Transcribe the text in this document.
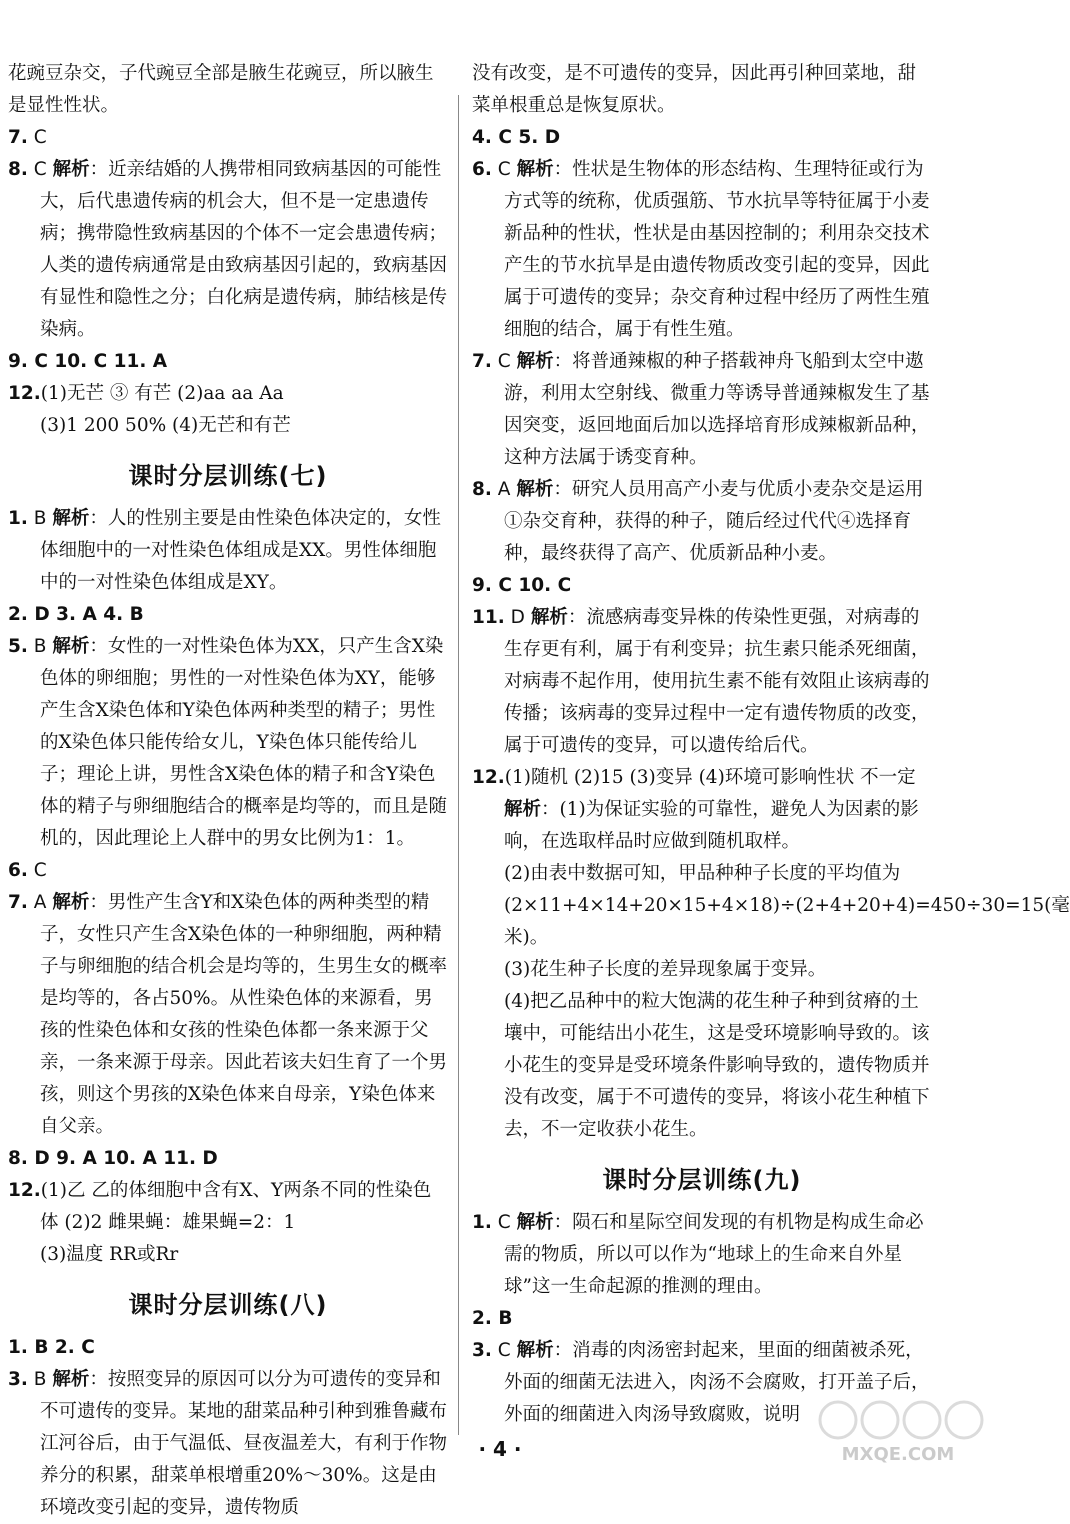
花豌豆杂交，子代豌豆全部是腋生花豌豆，所以腋生是显性性状。

7. C

8. C 解析：近亲结婚的人携带相同致病基因的可能性大，后代患遗传病的机会大，但不是一定患遗传病；携带隐性致病基因的个体不一定会患遗传病；人类的遗传病通常是由致病基因引起的，致病基因有显性和隐性之分；白化病是遗传病，肺结核是传染病。

9. C 10. C 11. A

12.(1)无芒 ③ 有芒 (2)aa aa Aa

(3)1 200 50% (4)无芒和有芒

课时分层训练(七)

1. B 解析：人的性别主要是由性染色体决定的，女性体细胞中的一对性染色体组成是XX。男性体细胞中的一对性染色体组成是XY。

2. D 3. A 4. B

5. B 解析：女性的一对性染色体为XX，只产生含X染色体的卵细胞；男性的一对性染色体为XY，能够产生含X染色体和Y染色体两种类型的精子；男性的X染色体只能传给女儿，Y染色体只能传给儿子；理论上讲，男性含X染色体的精子和含Y染色体的精子与卵细胞结合的概率是均等的，而且是随机的，因此理论上人群中的男女比例为1：1。

6. C

7. A 解析：男性产生含Y和X染色体的两种类型的精子，女性只产生含X染色体的一种卵细胞，两种精子与卵细胞的结合机会是均等的，生男生女的概率是均等的，各占50%。从性染色体的来源看，男孩的性染色体和女孩的性染色体都一条来源于父亲，一条来源于母亲。因此若该夫妇生育了一个男孩，则这个男孩的X染色体来自母亲，Y染色体来自父亲。

8. D 9. A 10. A 11. D

12.(1)乙 乙的体细胞中含有X、Y两条不同的性染色体 (2)2 雌果蝇：雄果蝇=2：1

(3)温度 RR或Rr

课时分层训练(八)

1. B 2. C

3. B 解析：按照变异的原因可以分为可遗传的变异和不可遗传的变异。某地的甜菜品种引种到雅鲁藏布江河谷后，由于气温低、昼夜温差大，有利于作物养分的积累，甜菜单根增重20%～30%。这是由环境改变引起的变异，遗传物质

没有改变，是不可遗传的变异，因此再引种回菜地，甜菜单根重总是恢复原状。

4. C 5. D

6. C 解析：性状是生物体的形态结构、生理特征或行为方式等的统称，优质强筋、节水抗旱等特征属于小麦新品种的性状，性状是由基因控制的；利用杂交技术产生的节水抗旱是由遗传物质改变引起的变异，因此属于可遗传的变异；杂交育种过程中经历了两性生殖细胞的结合，属于有性生殖。

7. C 解析：将普通辣椒的种子搭载神舟飞船到太空中遨游，利用太空射线、微重力等诱导普通辣椒发生了基因突变，返回地面后加以选择培育形成辣椒新品种，这种方法属于诱变育种。

8. A 解析：研究人员用高产小麦与优质小麦杂交是运用①杂交育种，获得的种子，随后经过代代④选择育种，最终获得了高产、优质新品种小麦。

9. C 10. C

11. D 解析：流感病毒变异株的传染性更强，对病毒的生存更有利，属于有利变异；抗生素只能杀死细菌，对病毒不起作用，使用抗生素不能有效阻止该病毒的传播；该病毒的变异过程中一定有遗传物质的改变，属于可遗传的变异，可以遗传给后代。

12.(1)随机 (2)15 (3)变异 (4)环境可影响性状 不一定

解析：(1)为保证实验的可靠性，避免人为因素的影响，在选取样品时应做到随机取样。

(2)由表中数据可知，甲品种种子长度的平均值为(2×11+4×14+20×15+4×18)÷(2+4+20+4)=450÷30=15(毫米)。

(3)花生种子长度的差异现象属于变异。

(4)把乙品种中的粒大饱满的花生种子种到贫瘠的土壤中，可能结出小花生，这是受环境影响导致的。该小花生的变异是受环境条件影响导致的，遗传物质并没有改变，属于不可遗传的变异，将该小花生种植下去，不一定收获小花生。

课时分层训练(九)

1. C 解析：陨石和星际空间发现的有机物是构成生命必需的物质，所以可以作为“地球上的生命来自外星球”这一生命起源的推测的理由。

2. B

3. C 解析：消毒的肉汤密封起来，里面的细菌被杀死，外面的细菌无法进入，肉汤不会腐败，打开盖子后，外面的细菌进入肉汤导致腐败，说明

· 4 ·	MXQE.COM
